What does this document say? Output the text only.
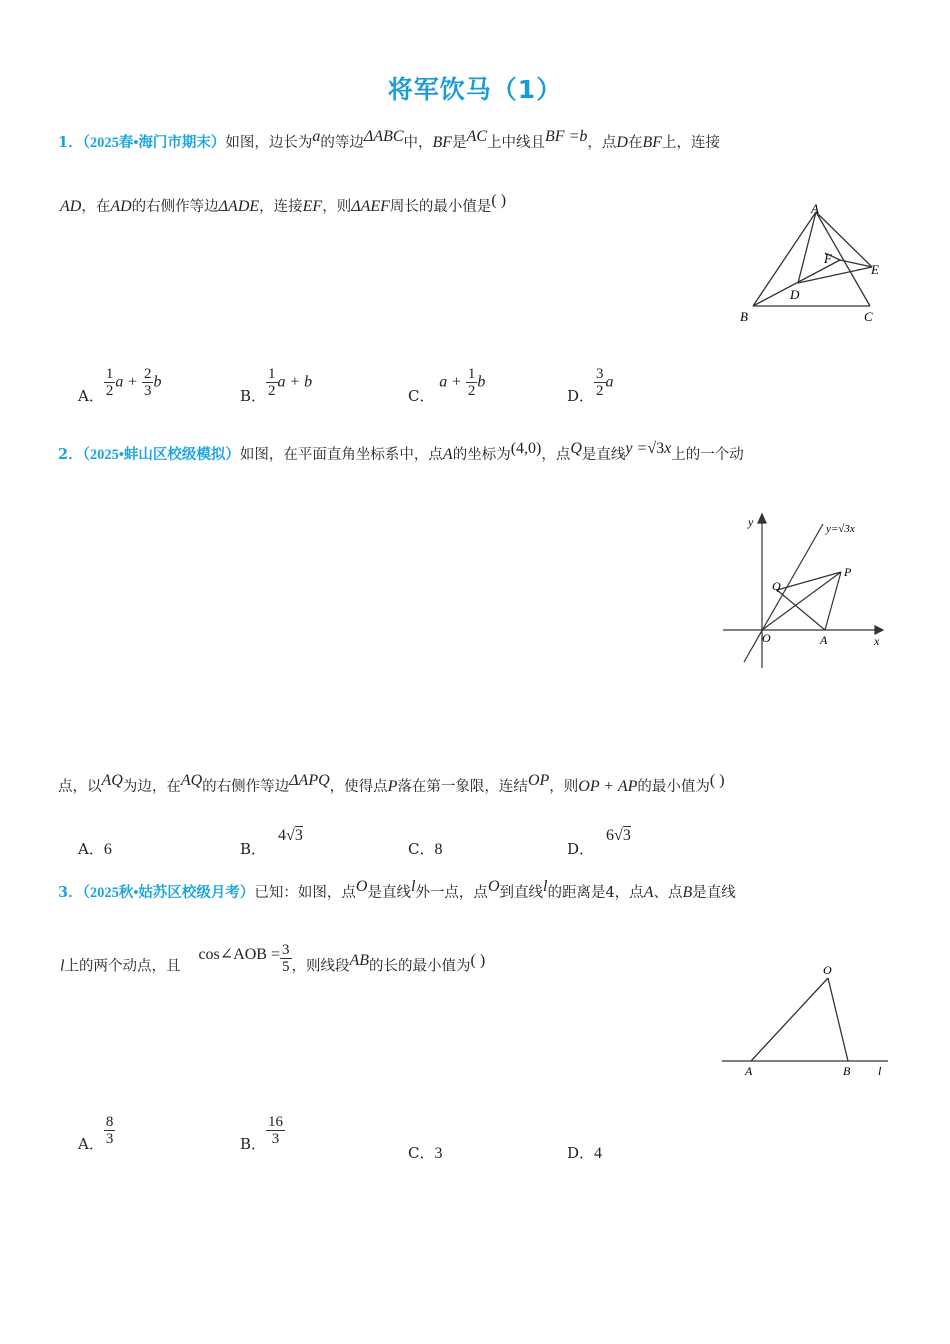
将军饮马（1）
1．（2025春•海门市期末）如图，边长为a的等边ΔABC中，BF是AC上中线且BF =b，点D在BF上，连接
AD，在AD的右侧作等边ΔADE，连接EF，则ΔAEF周长的最小值是( )	A
B	C
D
E
F
A． $\frac{1}{2}$ $a + \frac{2}{3}$ b
B． $\frac{1}{2}$ a + b
C． $a + \frac{1}{2}$ b
D． $\frac{3}{2}$ a
2．（2025•蚌山区校级模拟）如图，在平面直角坐标系中，点A的坐标为(4,0)，点Q是直线y =√3x上的一个动
y
x
O	A
P
Q
y=√3x
点，以AQ为边，在AQ的右侧作等边ΔAPQ，使得点P落在第一象限，连结OP，则OP + AP的最小值为( )
A．6	B．4√3
C．8	D．6√3
3．（2025秋•姑苏区校级月考）已知：如图，点O是直线l外一点，点O到直线l的距离是4，点A、点B是直线
l上的两个动点，且cos∠AOB = $\frac{3}{5}$ ，则线段AB的长的最小值为( )
O
A	B l
A． $\frac{8}{3}$	B． $\frac{16}{3}$
C．3	D．4
